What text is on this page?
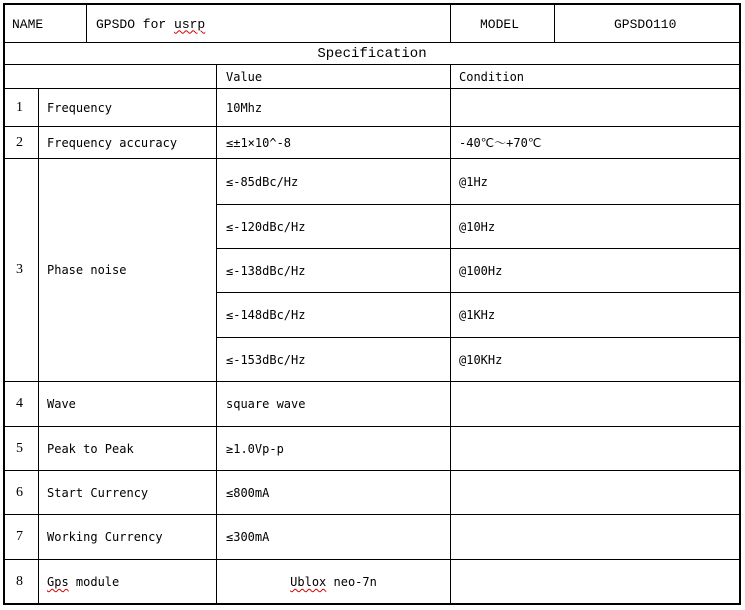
NAME	GPSDO for usrp	MODEL	GPSDO110
Specification
Value	Condition
1 Frequency	10Mhz
2 Frequency accuracy	≤±1×10^-8	-40℃～+70℃
3 Phase noise
≤-85dBc/Hz	@1Hz
≤-120dBc/Hz	@10Hz
≤-138dBc/Hz	@100Hz
≤-148dBc/Hz	@1KHz
≤-153dBc/Hz	@10KHz
4 Wave	square wave
5 Peak to Peak	≥1.0Vp-p
6 Start Currency	≤800mA
7 Working Currency	≤300mA
8 Gps module	Ublox neo-7n
